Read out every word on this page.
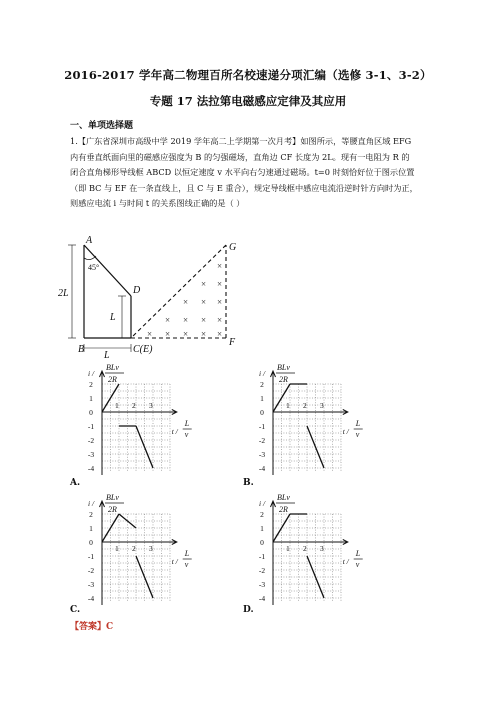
2016-2017 学年高二物理百所名校速递分项汇编（选修 3-1、3-2）
专题 17 法拉第电磁感应定律及其应用
一、单项选择题
1.【广东省深圳市高级中学 2019 学年高二上学期第一次月考】如图所示，等腰直角区域 EFG
内有垂直纸面向里的磁感应强度为 B 的匀强磁场，直角边 CF 长度为 2L。现有一电阻为 R 的
闭合直角梯形导线框 ABCD 以恒定速度 v 水平向右匀速通过磁场。t=0 时刻恰好位于图示位置
（即 BC 与 EF 在一条直线上，且 C 与 E 重合），规定导线框中感应电流沿逆时针方向时为正，
则感应电流 i 与时间 t 的关系图线正确的是（ ）
×
× ×
× × ×
× × × ×
× × × × ×
A
B	C(E)
D
F
G
45°
2L
L
L
2
1
0
-1
-2
-3
-4
1 2 3
i /
BLv
2R
t /
L
v
2
1
0
-1
-2
-3
-4
1 2 3
i /
BLv
2R
t /
L
v
2
1
0
-1
-2
-3
-4
1 2 3
i /
BLv
2R
t /
L
v
2
1
0
-1
-2
-3
-4
1 2 3
i /
BLv
2R
t /
L
v
A.	B.
C.	D.
【答案】C
